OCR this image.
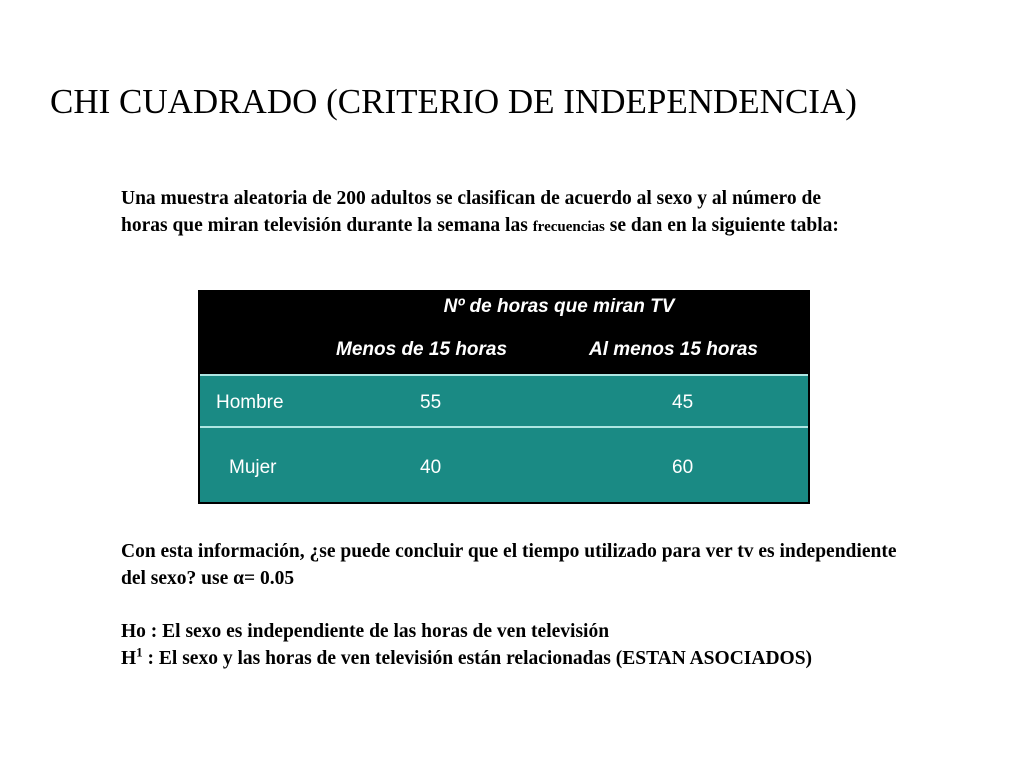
CHI CUADRADO (CRITERIO DE INDEPENDENCIA)
Una muestra aleatoria de 200 adultos se clasifican de acuerdo al sexo y al número de horas que miran televisión durante la semana las frecuencias se dan en la siguiente tabla:
Nº de horas que miran TV
Menos de 15 horas	Al menos 15 horas
Hombre	55	45
Mujer	40	60
Con esta información, ¿se puede concluir que el tiempo utilizado para ver tv es independiente del sexo? use α= 0.05
Ho : El sexo es independiente de las horas de ven televisión
$H^1$ : El sexo y las horas de ven televisión están relacionadas (ESTAN ASOCIADOS)
